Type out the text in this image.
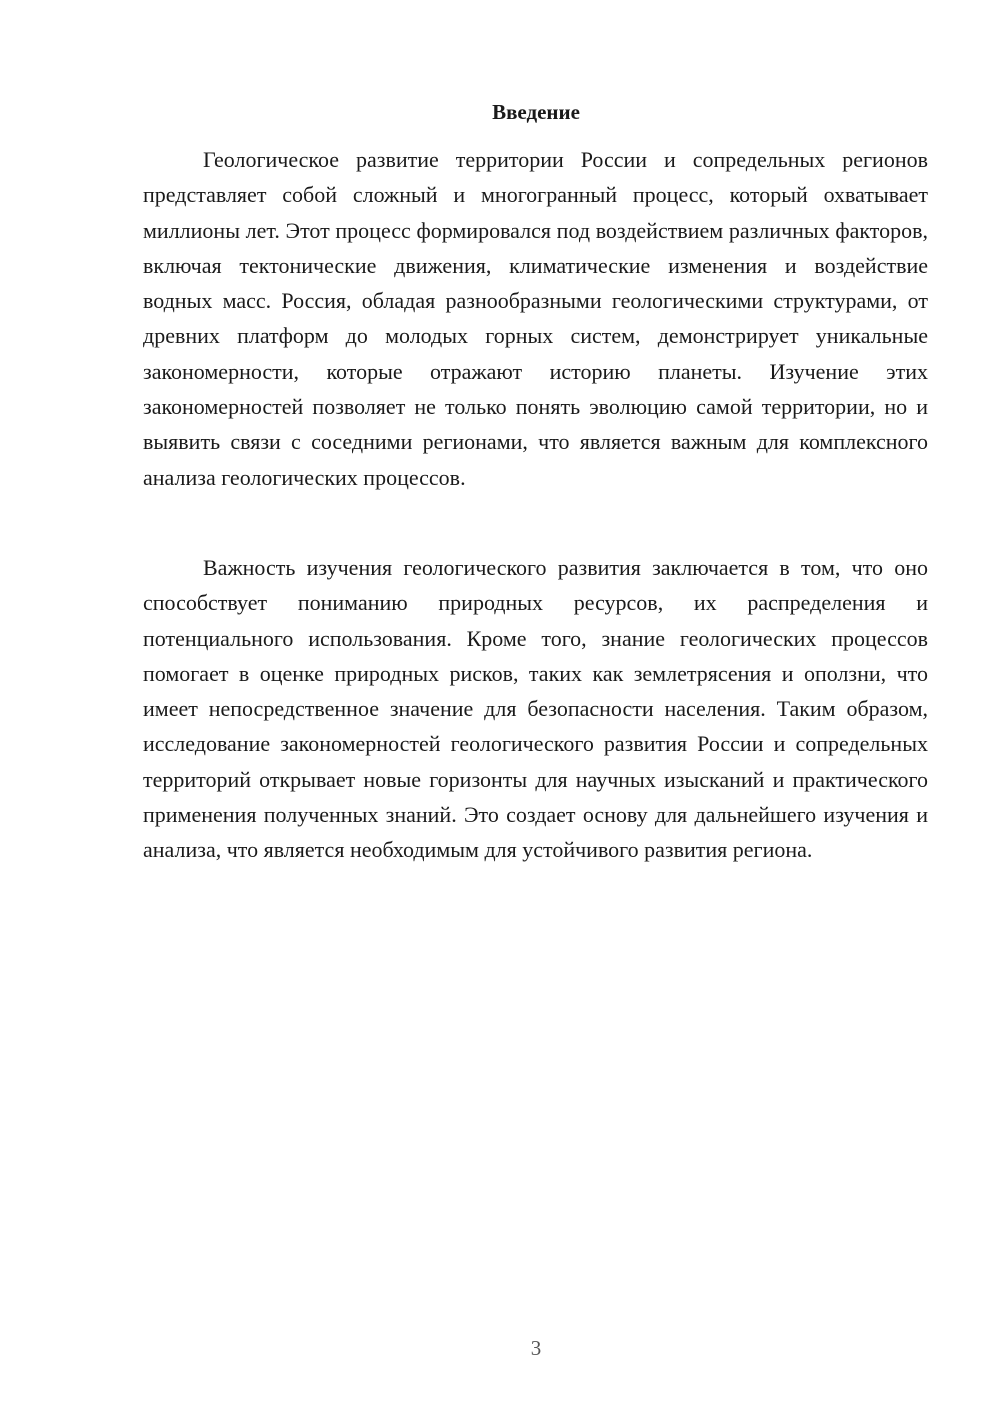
Введение

Геологическое развитие территории России и сопредельных регионов представляет собой сложный и многогранный процесс, который охватывает миллионы лет. Этот процесс формировался под воздействием различных факторов, включая тектонические движения, климатические изменения и воздействие водных масс. Россия, обладая разнообразными геологическими структурами, от древних платформ до молодых горных систем, демонстрирует уникальные закономерности, которые отражают историю планеты. Изучение этих закономерностей позволяет не только понять эволюцию самой территории, но и выявить связи с соседними регионами, что является важным для комплексного анализа геологических процессов.

Важность изучения геологического развития заключается в том, что оно способствует пониманию природных ресурсов, их распределения и потенциального использования. Кроме того, знание геологических процессов помогает в оценке природных рисков, таких как землетрясения и оползни, что имеет непосредственное значение для безопасности населения. Таким образом, исследование закономерностей геологического развития России и сопредельных территорий открывает новые горизонты для научных изысканий и практического применения полученных знаний. Это создает основу для дальнейшего изучения и анализа, что является необходимым для устойчивого развития региона.

3
